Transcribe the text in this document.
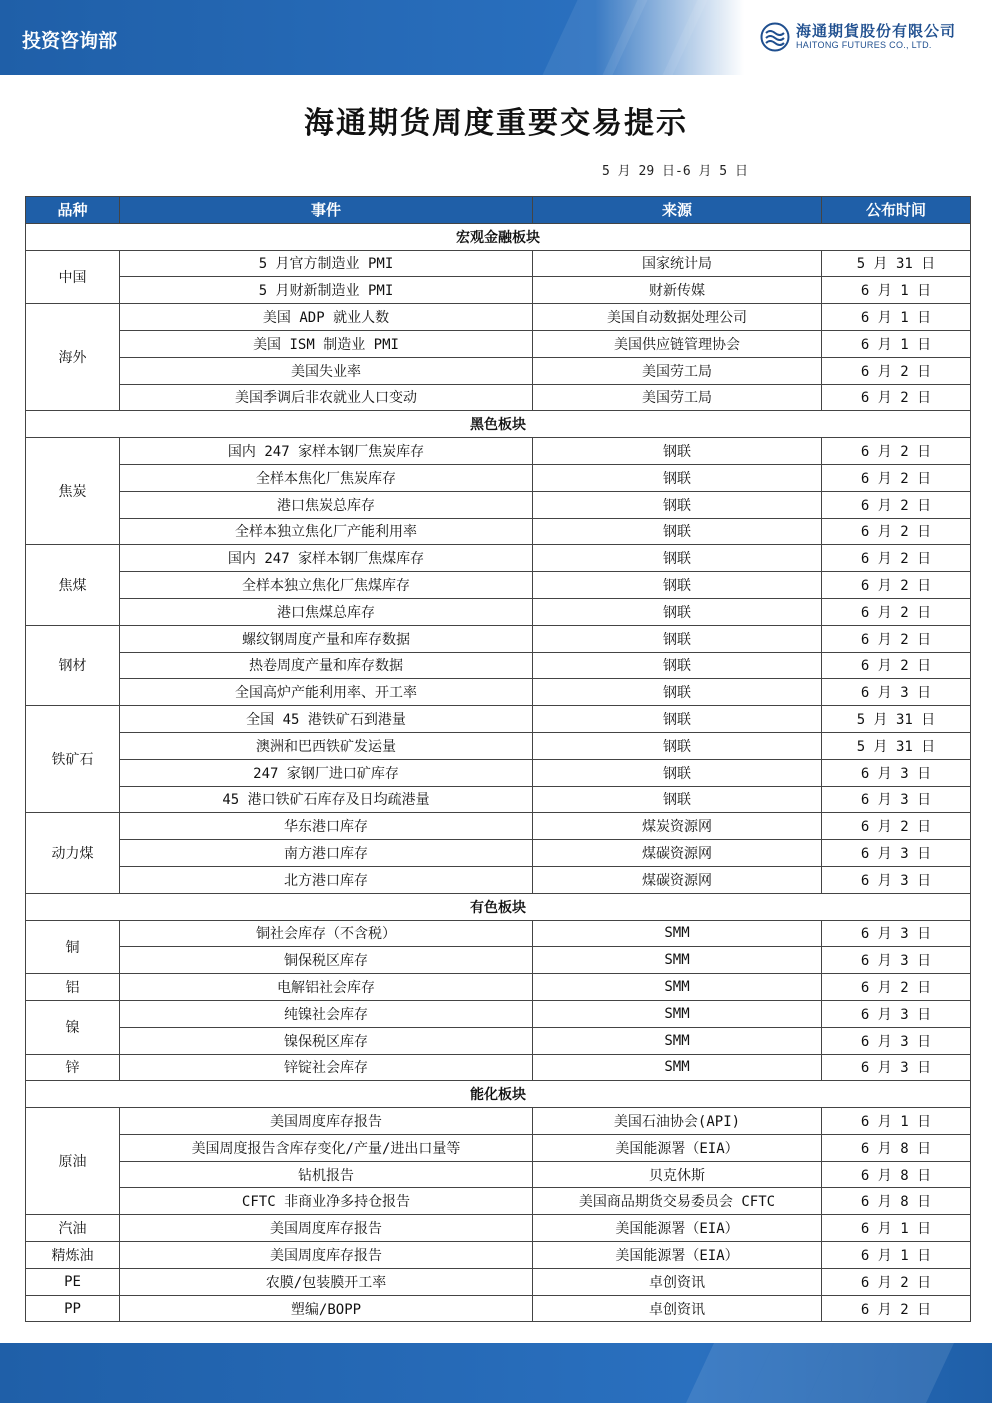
投资咨询部	海通期貨股份有限公司
HAITONG FUTURES CO., LTD.
海通期货周度重要交易提示
5 月 29 日-6 月 5 日
品种	事件	来源	公布时间
宏观金融板块			
中国	5 月官方制造业 PMI	国家统计局	5 月 31 日
	5 月财新制造业 PMI	财新传媒	6 月 1 日
海外	美国 ADP 就业人数	美国自动数据处理公司	6 月 1 日
	美国 ISM 制造业 PMI	美国供应链管理协会	6 月 1 日
	美国失业率	美国劳工局	6 月 2 日
	美国季调后非农就业人口变动	美国劳工局	6 月 2 日
黑色板块			
焦炭	国内 247 家样本钢厂焦炭库存	钢联	6 月 2 日
	全样本焦化厂焦炭库存	钢联	6 月 2 日
	港口焦炭总库存	钢联	6 月 2 日
	全样本独立焦化厂产能利用率	钢联	6 月 2 日
焦煤	国内 247 家样本钢厂焦煤库存	钢联	6 月 2 日
	全样本独立焦化厂焦煤库存	钢联	6 月 2 日
	港口焦煤总库存	钢联	6 月 2 日
钢材	螺纹钢周度产量和库存数据	钢联	6 月 2 日
	热卷周度产量和库存数据	钢联	6 月 2 日
	全国高炉产能利用率、开工率	钢联	6 月 3 日
铁矿石	全国 45 港铁矿石到港量	钢联	5 月 31 日
	澳洲和巴西铁矿发运量	钢联	5 月 31 日
	247 家钢厂进口矿库存	钢联	6 月 3 日
	45 港口铁矿石库存及日均疏港量	钢联	6 月 3 日
动力煤	华东港口库存	煤炭资源网	6 月 2 日
	南方港口库存	煤碳资源网	6 月 3 日
	北方港口库存	煤碳资源网	6 月 3 日
有色板块			
铜	铜社会库存（不含税）	SMM	6 月 3 日
	铜保税区库存	SMM	6 月 3 日
铝	电解铝社会库存	SMM	6 月 2 日
镍	纯镍社会库存	SMM	6 月 3 日
	镍保税区库存	SMM	6 月 3 日
锌	锌锭社会库存	SMM	6 月 3 日
能化板块			
原油	美国周度库存报告	美国石油协会(API)	6 月 1 日
	美国周度报告含库存变化/产量/进出口量等	美国能源署（EIA）	6 月 8 日
	钻机报告	贝克休斯	6 月 8 日
	CFTC 非商业净多持仓报告	美国商品期货交易委员会 CFTC	6 月 8 日
汽油	美国周度库存报告	美国能源署（EIA）	6 月 1 日
精炼油	美国周度库存报告	美国能源署（EIA）	6 月 1 日
PE	农膜/包装膜开工率	卓创资讯	6 月 2 日
PP	塑编/BOPP	卓创资讯	6 月 2 日
